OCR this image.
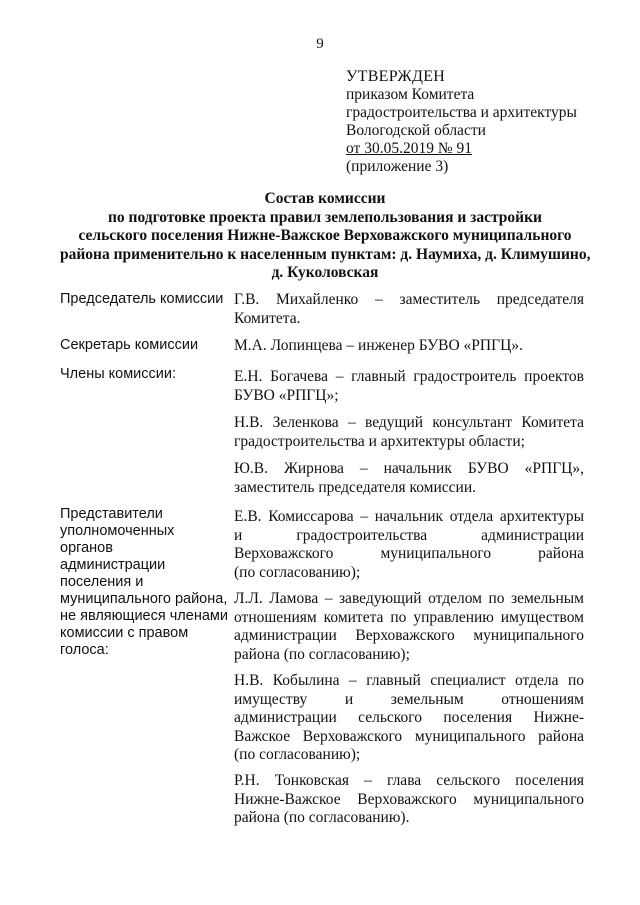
9
УТВЕРЖДЕН
приказом Комитета
градостроительства и архитектуры
Вологодской области
от 30.05.2019 № 91
(приложение 3)
Состав комиссии
по подготовке проекта правил землепользования и застройки
сельского поселения Нижне-Важское Верховажского муниципального
района применительно к населенным пунктам: д. Наумиха, д. Климушино,
д. Куколовская
Председатель комиссии Г.В. Михайленко – заместитель председателя
Комитета.
Секретарь комиссии	М.А. Лопинцева – инженер БУВО «РПГЦ».
Члены комиссии:	Е.Н. Богачева – главный градостроитель проектов
БУВО «РПГЦ»;
Н.В. Зеленкова – ведущий консультант Комитета
градостроительства и архитектуры области;
Ю.В. Жирнова – начальник БУВО «РПГЦ»,
заместитель председателя комиссии.
Представители
уполномоченных органов
администрации
поселения и
муниципального района,
не являющиеся членами
комиссии с правом
голоса:
Е.В. Комиссарова – начальник отдела архитектуры
и градостроительства администрации
Верховажского муниципального района
(по согласованию);
Л.Л. Ламова – заведующий отделом по земельным
отношениям комитета по управлению имуществом
администрации Верховажского муниципального
района (по согласованию);
Н.В. Кобылина – главный специалист отдела по
имуществу и земельным отношениям
администрации сельского поселения Нижне-
Важское Верховажского муниципального района
(по согласованию);
Р.Н. Тонковская – глава сельского поселения
Нижне-Важское Верховажского муниципального
района (по согласованию).
